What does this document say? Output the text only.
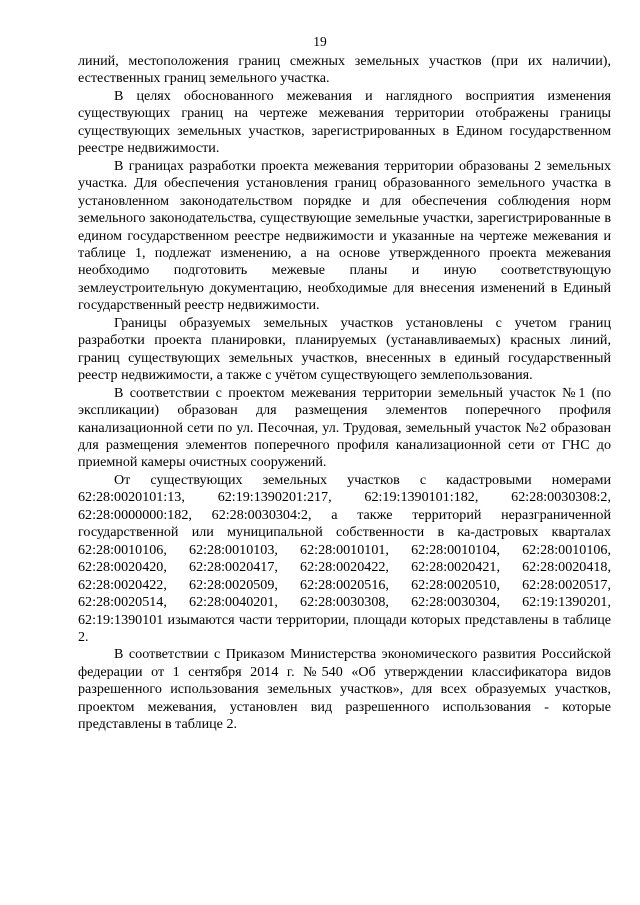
19

линий, местоположения границ смежных земельных участков (при их наличии), естественных границ земельного участка.

В целях обоснованного межевания и наглядного восприятия изменения существующих границ на чертеже межевания территории отображены границы существующих земельных участков, зарегистрированных в Едином государственном реестре недвижимости.

В границах разработки проекта межевания территории образованы 2 земельных участка. Для обеспечения установления границ образованного земельного участка в установленном законодательством порядке и для обеспечения соблюдения норм земельного законодательства, существующие земельные участки, зарегистрированные в едином государственном реестре недвижимости и указанные на чертеже межевания и таблице 1, подлежат изменению, а на основе утвержденного проекта межевания необходимо подготовить межевые планы и иную соответствующую землеустроительную документацию, необходимые для внесения изменений в Единый государственный реестр недвижимости.

Границы образуемых земельных участков установлены с учетом границ разработки проекта планировки, планируемых (устанавливаемых) красных линий, границ существующих земельных участков, внесенных в единый государственный реестр недвижимости, а также с учётом существующего землепользования.

В соответствии с проектом межевания территории земельный участок №1 (по экспликации) образован для размещения элементов поперечного профиля канализационной сети по ул. Песочная, ул. Трудовая, земельный участок №2 образован для размещения элементов поперечного профиля канализационной сети от ГНС до приемной камеры очистных сооружений.

От существующих земельных участков с кадастровыми номерами 62:28:0020101:13, 62:19:1390201:217, 62:19:1390101:182, 62:28:0030308:2, 62:28:0000000:182, 62:28:0030304:2, а также территорий неразграниченной государственной или муниципальной собственности в ка-дастровых кварталах 62:28:0010106, 62:28:0010103, 62:28:0010101, 62:28:0010104, 62:28:0010106, 62:28:0020420, 62:28:0020417, 62:28:0020422, 62:28:0020421, 62:28:0020418, 62:28:0020422, 62:28:0020509, 62:28:0020516, 62:28:0020510, 62:28:0020517, 62:28:0020514, 62:28:0040201, 62:28:0030308, 62:28:0030304, 62:19:1390201, 62:19:1390101 изымаются части территории, площади которых представлены в таблице 2.

В соответствии с Приказом Министерства экономического развития Российской федерации от 1 сентября 2014 г. №540 «Об утверждении классификатора видов разрешенного использования земельных участков», для всех образуемых участков, проектом межевания, установлен вид разрешенного использования - которые представлены в таблице 2.
